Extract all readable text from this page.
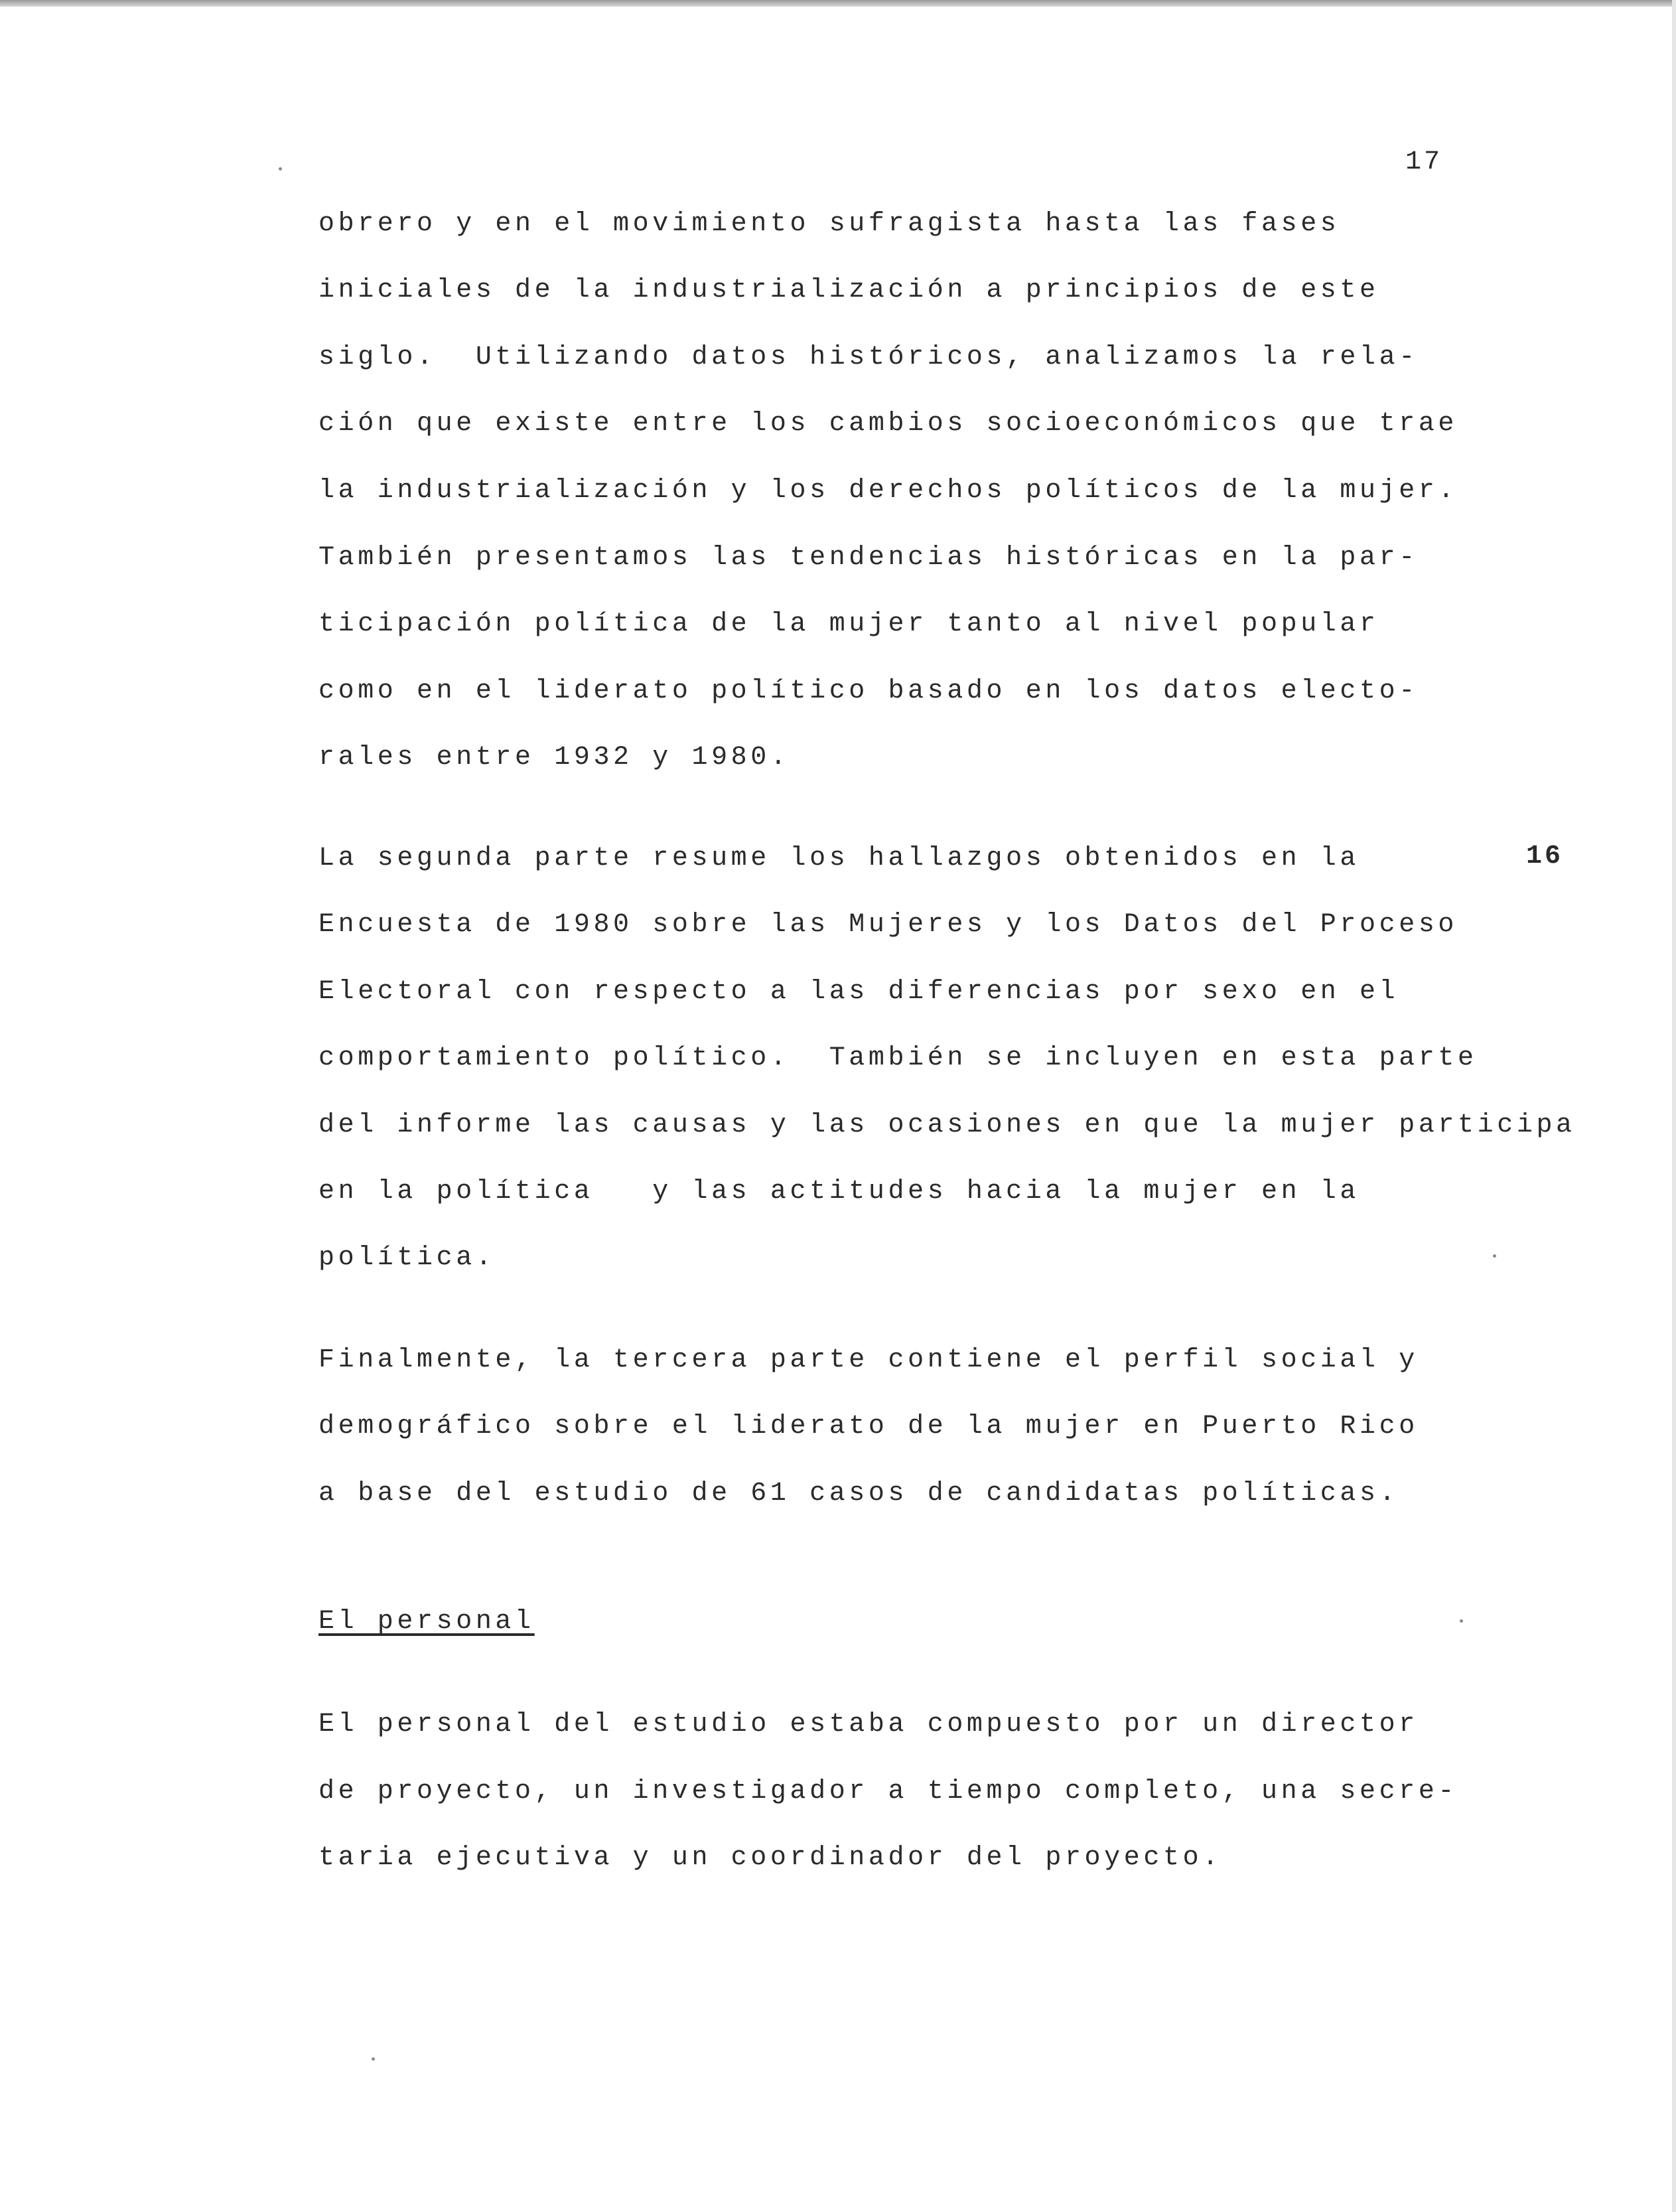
17

16

obrero y en el movimiento sufragista hasta las fases

iniciales de la industrialización a principios de este

siglo.  Utilizando datos históricos, analizamos la rela-

ción que existe entre los cambios socioeconómicos que trae

la industrialización y los derechos políticos de la mujer.

También presentamos las tendencias históricas en la par-

ticipación política de la mujer tanto al nivel popular

como en el liderato político basado en los datos electo-

rales entre 1932 y 1980.

La segunda parte resume los hallazgos obtenidos en la

Encuesta de 1980 sobre las Mujeres y los Datos del Proceso

Electoral con respecto a las diferencias por sexo en el

comportamiento político.  También se incluyen en esta parte

del informe las causas y las ocasiones en que la mujer participa

en la política   y las actitudes hacia la mujer en la

política.

Finalmente, la tercera parte contiene el perfil social y

demográfico sobre el liderato de la mujer en Puerto Rico

a base del estudio de 61 casos de candidatas políticas.

El personal

El personal del estudio estaba compuesto por un director

de proyecto, un investigador a tiempo completo, una secre-

taria ejecutiva y un coordinador del proyecto.
